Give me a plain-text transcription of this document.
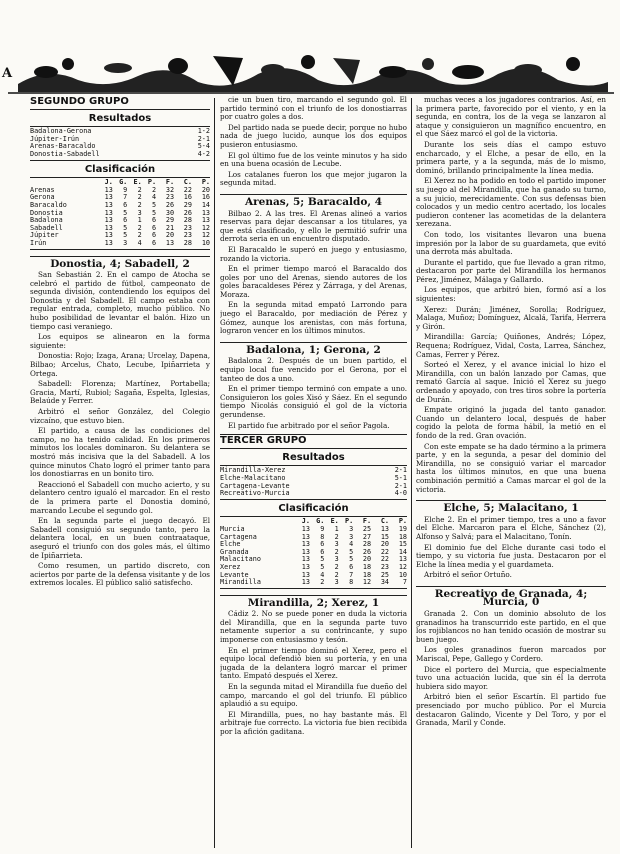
A
SEGUNDO GRUPO
Resultados
Badalona-Gerona	1-2
Júpiter-Irún	2-1
Arenas-Baracaldo	5-4
Donostia-Sabadell	4-2
Clasificación
	J.	G.	E.	P.	F.	C.	P.
Arenas	13	9	2	2	32	22	20
Gerona	13	7	2	4	23	16	16
Baracaldo	13	6	2	5	26	29	14
Donostia	13	5	3	5	30	26	13
Badalona	13	6	1	6	29	28	13
Sabadell	13	5	2	6	21	23	12
Júpiter	13	5	2	6	20	23	12
Irún	13	3	4	6	13	28	10
Donostia, 4; Sabadell, 2

San Sebastián 2. En el campo de Atocha se celebró el partido de fútbol, campeonato de segunda división, contendiendo los equipos del Donostia y del Sabadell. El campo estaba con regular entrada, completo, mucho público. No hubo posibilidad de levantar el balón. Hizo un tiempo casi veraniego.

Los equipos se alinearon en la forma siguiente:

Donostia: Rojo; Izaga, Arana; Urcelay, Dapena, Bilbao; Arcelus, Chato, Lecube, Ipiñarrieta y Ortega.

Sabadell: Florenza; Martínez, Portabella; Gracia, Martí, Rubiol; Sagaña, Espelta, Iglesias, Belaúde y Ferrer.

Arbitró el señor González, del Colegio vizcaíno, que estuvo bien.

El partido, a causa de las condiciones del campo, no ha tenido calidad. En los primeros minutos los locales dominaron. Su delantera se mostró más incisiva que la del Sabadell. A los quince minutos Chato logró el primer tanto para los donostiarras en un bonito tiro.

Reaccionó el Sabadell con mucho acierto, y su delantero centro igualó el marcador. En el resto de la primera parte el Donostia dominó, marcando Lecube el segundo gol.

En la segunda parte el juego decayó. El Sabadell consiguió su segundo tanto, pero la delantera local, en un buen contraataque, aseguró el triunfo con dos goles más, el último de Ipiñarrieta.

Como resumen, un partido discreto, con aciertos por parte de la defensa visitante y de los extremos locales. El público salió satisfecho.

cie un buen tiro, marcando el segundo gol. El partido terminó con el triunfo de los donostiarras por cuatro goles a dos.

Del partido nada se puede decir, porque no hubo nada de juego lucido, aunque los dos equipos pusieron entusiasmo.

El gol último fue de los veinte minutos y ha sido en una buena ocasión de Lecube.

Los catalanes fueron los que mejor jugaron la segunda mitad.

Arenas, 5; Baracaldo, 4

Bilbao 2. A las tres. El Arenas alineó a varios reservas para dejar descansar a los titulares, ya que está clasificado, y ello le permitió sufrir una derrota seria en un encuentro disputado.

El Baracaldo le superó en juego y entusiasmo, rozando la victoria.

En el primer tiempo marcó el Baracaldo dos goles por uno del Arenas, siendo autores de los goles baracaldeses Pérez y Zárraga, y del Arenas, Moraza.

En la segunda mitad empató Larrondo para juego el Baracaldo, por mediación de Pérez y Gómez, aunque los arenistas, con más fortuna, lograron vencer en los últimos minutos.

Badalona, 1; Gerona, 2

Badalona 2. Después de un buen partido, el equipo local fue vencido por el Gerona, por el tanteo de dos a uno.

En el primer tiempo terminó con empate a uno. Consiguieron los goles Xisó y Sáez. En el segundo tiempo Nicolás consiguió el gol de la victoria gerundense.

El partido fue arbitrado por el señor Pagola.

TERCER GRUPO
Resultados
Mirandilla-Xerez	2-1
Elche-Malacitano	5-1
Cartagena-Levante	2-1
Recreativo-Murcia	4-0
Clasificación
	J.	G.	E.	P.	F.	C.	P.
Murcia	13	9	1	3	25	13	19
Cartagena	13	8	2	3	27	15	18
Elche	13	6	3	4	28	20	15
Granada	13	6	2	5	26	22	14
Malacitano	13	5	3	5	20	22	13
Xerez	13	5	2	6	18	23	12
Levante	13	4	2	7	18	25	10
Mirandilla	13	2	3	8	12	34	7
Mirandilla, 2; Xerez, 1

Cádiz 2. No se puede poner en duda la victoria del Mirandilla, que en la segunda parte tuvo netamente superior a su contrincante, y supo imponerse con entusiasmo y tesón.

En el primer tiempo dominó el Xerez, pero el equipo local defendió bien su portería, y en una jugada de la delantera logró marcar el primer tanto. Empató después el Xerez.

En la segunda mitad el Mirandilla fue dueño del campo, marcando el gol del triunfo. El público aplaudió a su equipo.

El Mirandilla, pues, no hay bastante más. El arbitraje fue correcto. La victoria fue bien recibida por la afición gaditana.

muchas veces a los jugadores contrarios. Así, en la primera parte, favorecido por el viento, y en la segunda, en contra, los de la vega se lanzaron al ataque y consiguieron un magnífico encuentro, en el que Sáez marcó el gol de la victoria.

Durante los seis días el campo estuvo encharcado, y el Elche, a pesar de ello, en la primera parte, y a la segunda, más de lo mismo, dominó, brillando principalmente la línea media.

El Xerez no ha podido en todo el partido imponer su juego al del Mirandilla, que ha ganado su turno, a su juicio, merecidamente. Con sus defensas bien colocados y un medio centro acertado, los locales pudieron contener las acometidas de la delantera xerezana.

Con todo, los visitantes llevaron una buena impresión por la labor de su guardameta, que evitó una derrota más abultada.

Durante el partido, que fue llevado a gran ritmo, destacaron por parte del Mirandilla los hermanos Pérez, Jiménez, Málaga y Gallardo.

Los equipos, que arbitró bien, formó así a los siguientes:

Xerez: Durán; Jiménez, Sorolla; Rodríguez, Malaga, Muñoz; Domínguez, Alcalá, Tarifa, Herrera y Girón.

Mirandilla: García; Quiñones, Andrés; López, Requena; Rodríguez, Vidal, Costa, Larrea, Sánchez, Camas, Ferrer y Pérez.

Sorteó el Xerez, y el avance inicial lo hizo el Mirandilla, con un balón lanzado por Camas, que remató García al saque. Inició el Xerez su juego ordenado y apoyado, con tres tiros sobre la portería de Durán.

Empate originó la jugada del tanto ganador. Cuando un delantero local, después de haber cogido la pelota de forma hábil, la metió en el fondo de la red. Gran ovación.

Con este empate se ha dado término a la primera parte, y en la segunda, a pesar del dominio del Mirandilla, no se consiguió variar el marcador hasta los últimos minutos, en que una buena combinación permitió a Camas marcar el gol de la victoria.

Elche, 5; Malacitano, 1

Elche 2. En el primer tiempo, tres a uno a favor del Elche. Marcaron para el Elche, Sánchez (2), Alfonso y Salvá; para el Malacitano, Tonín.

El dominio fue del Elche durante casi todo el tiempo, y su victoria fue justa. Destacaron por el Elche la línea media y el guardameta.

Arbitró el señor Ortuño.

Recreativo de Granada, 4; Murcia, 0

Granada 2. Con un dominio absoluto de los granadinos ha transcurrido este partido, en el que los rojiblancos no han tenido ocasión de mostrar su buen juego.

Los goles granadinos fueron marcados por Mariscal, Pepe, Gallego y Cordero.

Dice el portero del Murcia, que especialmente tuvo una actuación lucida, que sin él la derrota hubiera sido mayor.

Arbitró bien el señor Escartín. El partido fue presenciado por mucho público. Por el Murcia destacaron Galindo, Vicente y Del Toro, y por el Granada, Maril y Conde.
